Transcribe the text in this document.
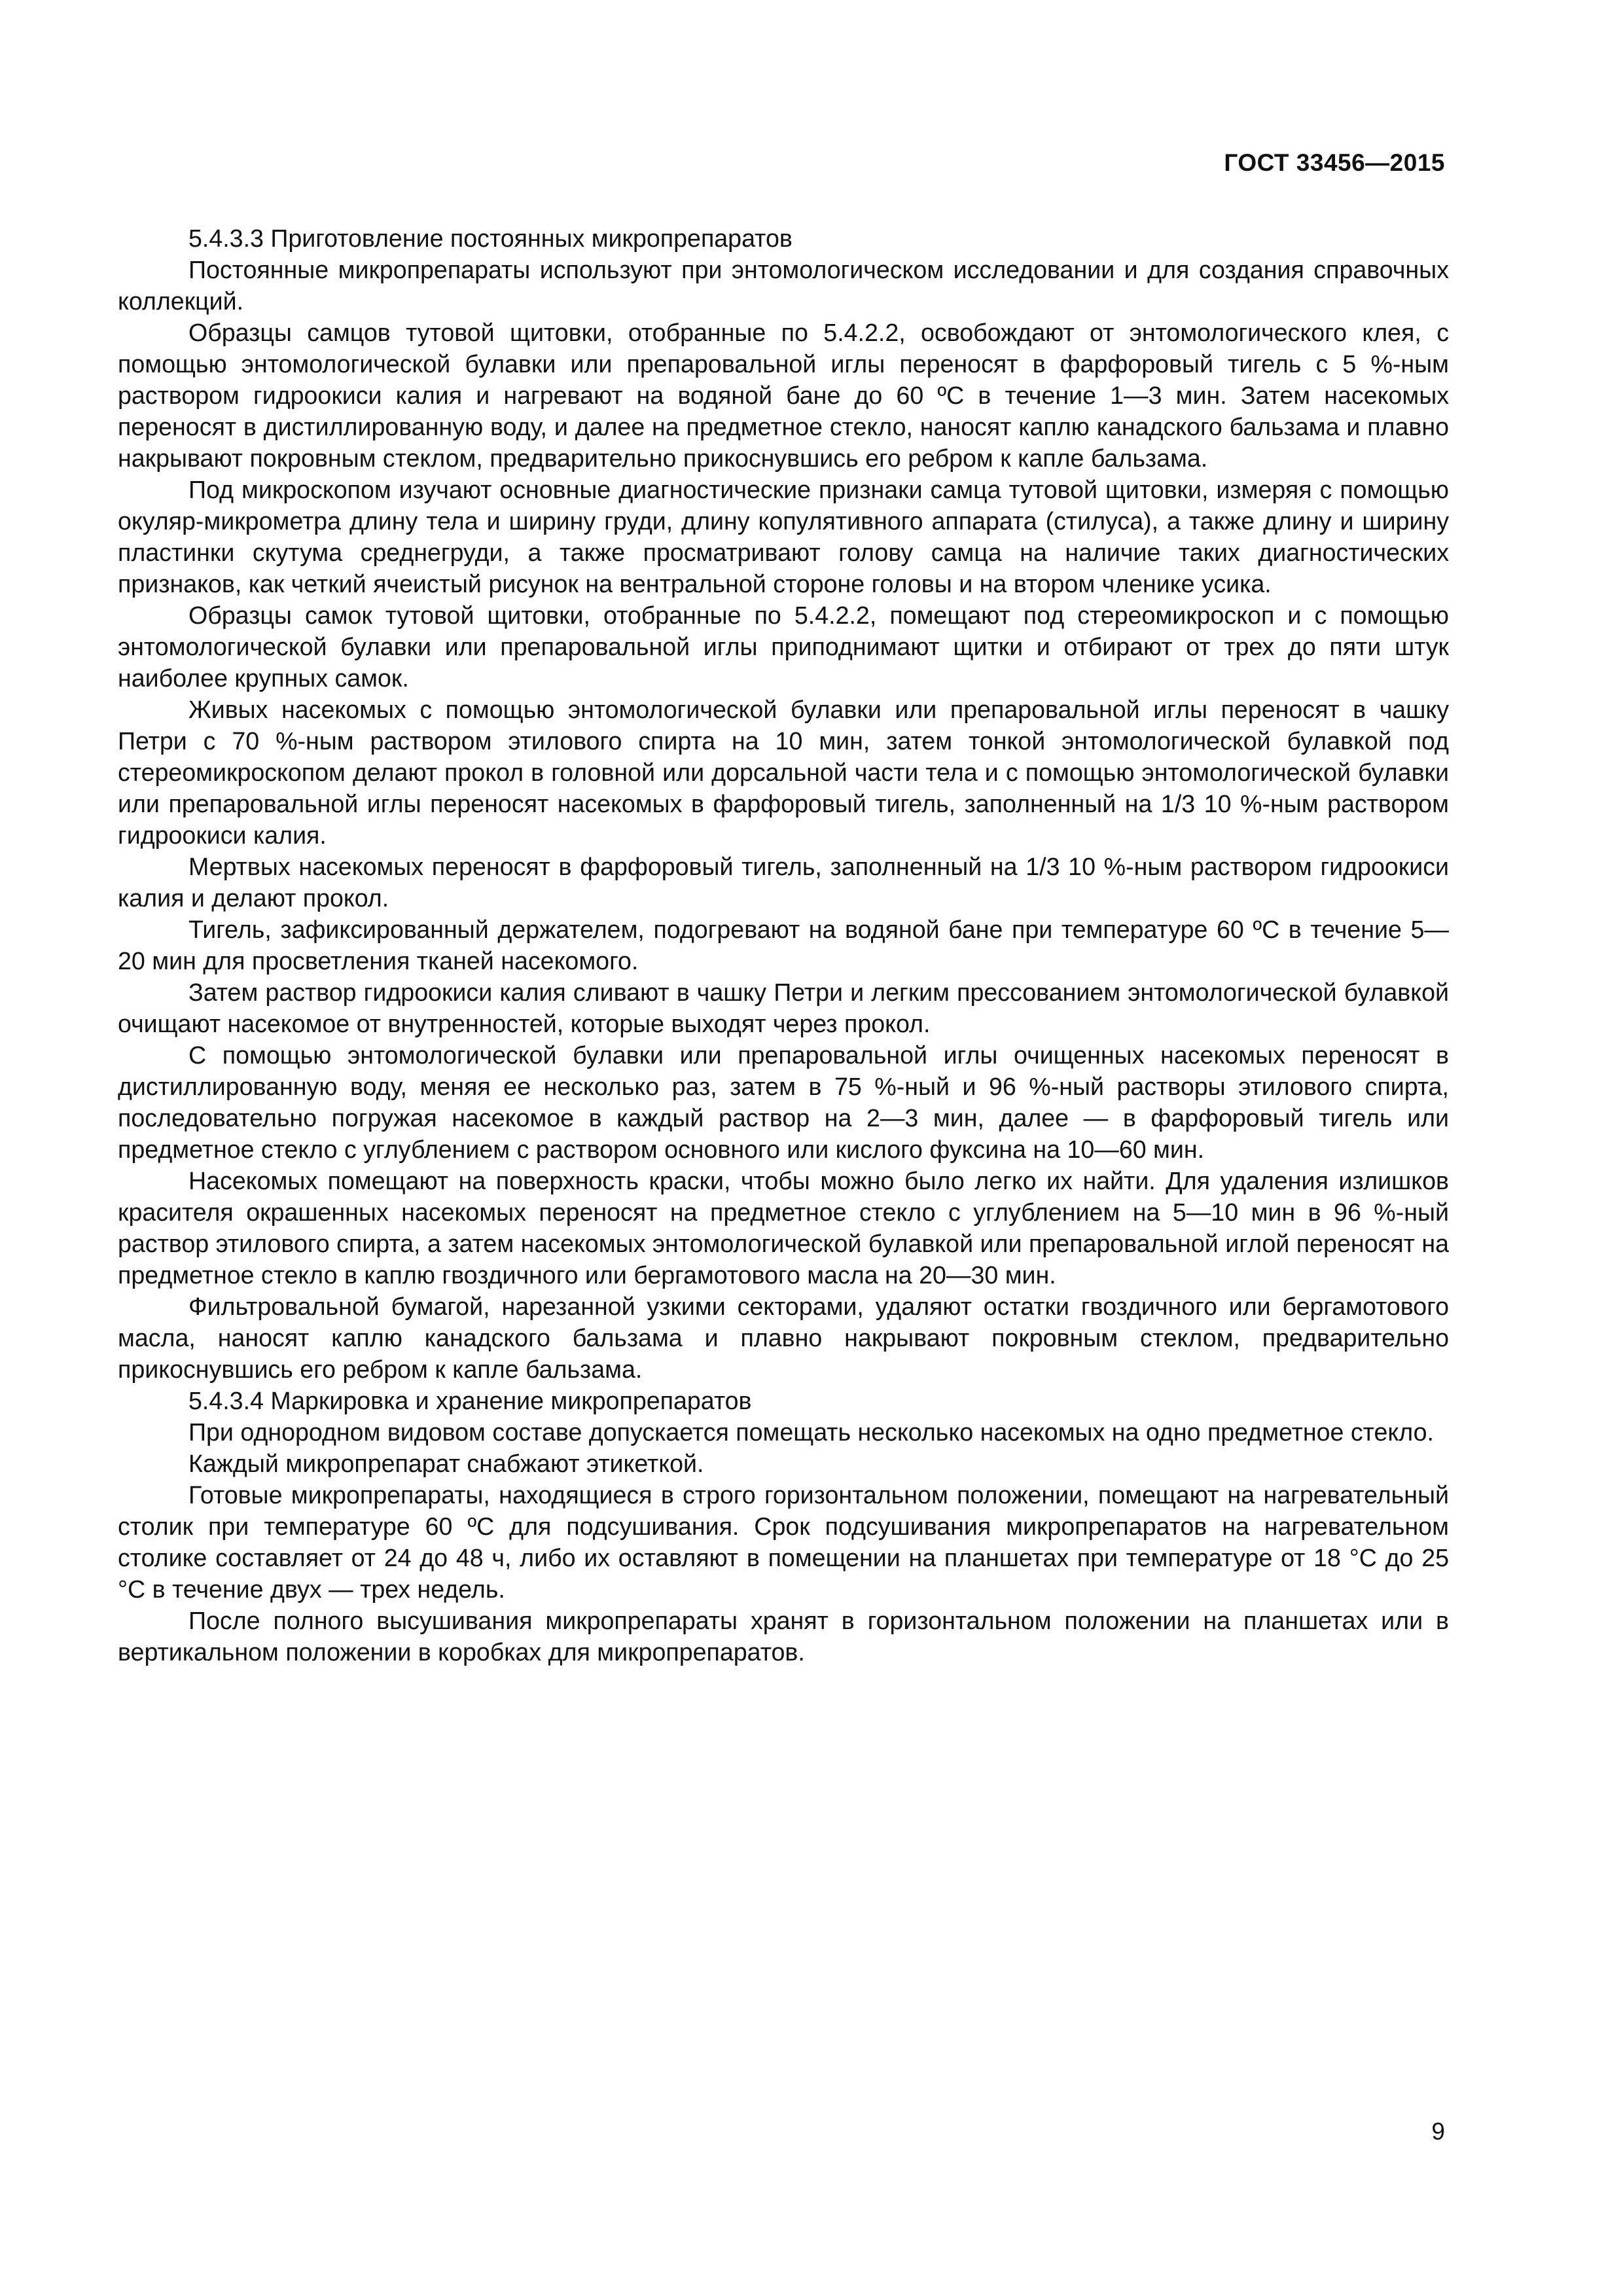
ГОСТ 33456—2015

5.4.3.3 Приготовление постоянных микропрепаратов

Постоянные микропрепараты используют при энтомологическом исследовании и для создания справочных коллекций.

Образцы самцов тутовой щитовки, отобранные по 5.4.2.2, освобождают от энтомологического клея, с помощью энтомологической булавки или препаровальной иглы переносят в фарфоровый тигель с 5 %-ным раствором гидроокиси калия и нагревают на водяной бане до 60 ºС в течение 1—3 мин. Затем насекомых переносят в дистиллированную воду, и далее на предметное стекло, наносят каплю канадского бальзама и плавно накрывают покровным стеклом, предварительно прикоснувшись его ребром к капле бальзама.

Под микроскопом изучают основные диагностические признаки самца тутовой щитовки, измеряя с помощью окуляр-микрометра длину тела и ширину груди, длину копулятивного аппарата (стилуса), а также длину и ширину пластинки скутума среднегруди, а также просматривают голову самца на наличие таких диагностических признаков, как четкий ячеистый рисунок на вентральной стороне головы и на втором членике усика.

Образцы самок тутовой щитовки, отобранные по 5.4.2.2, помещают под стереомикроскоп и с помощью энтомологической булавки или препаровальной иглы приподнимают щитки и отбирают от трех до пяти штук наиболее крупных самок.

Живых насекомых с помощью энтомологической булавки или препаровальной иглы переносят в чашку Петри с 70 %-ным раствором этилового спирта на 10 мин, затем тонкой энтомологической булавкой под стереомикроскопом делают прокол в головной или дорсальной части тела и с помощью энтомологической булавки или препаровальной иглы переносят насекомых в фарфоровый тигель, заполненный на 1/3 10 %-ным раствором гидроокиси калия.

Мертвых насекомых переносят в фарфоровый тигель, заполненный на 1/3 10 %-ным раствором гидроокиси калия и делают прокол.

Тигель, зафиксированный держателем, подогревают на водяной бане при температуре 60 ºС в течение 5—20 мин для просветления тканей насекомого.

Затем раствор гидроокиси калия сливают в чашку Петри и легким прессованием энтомологической булавкой очищают насекомое от внутренностей, которые выходят через прокол.

С помощью энтомологической булавки или препаровальной иглы очищенных насекомых переносят в дистиллированную воду, меняя ее несколько раз, затем в 75 %-ный и 96 %-ный растворы этилового спирта, последовательно погружая насекомое в каждый раствор на 2—3 мин, далее — в фарфоровый тигель или предметное стекло с углублением с раствором основного или кислого фуксина на 10—60 мин.

Насекомых помещают на поверхность краски, чтобы можно было легко их найти. Для удаления излишков красителя окрашенных насекомых переносят на предметное стекло с углублением на 5—10 мин в 96 %-ный раствор этилового спирта, а затем насекомых энтомологической булавкой или препаровальной иглой переносят на предметное стекло в каплю гвоздичного или бергамотового масла на 20—30 мин.

Фильтровальной бумагой, нарезанной узкими секторами, удаляют остатки гвоздичного или бергамотового масла, наносят каплю канадского бальзама и плавно накрывают покровным стеклом, предварительно прикоснувшись его ребром к капле бальзама.

5.4.3.4 Маркировка и хранение микропрепаратов

При однородном видовом составе допускается помещать несколько насекомых на одно предметное стекло.

Каждый микропрепарат снабжают этикеткой.

Готовые микропрепараты, находящиеся в строго горизонтальном положении, помещают на нагревательный столик при температуре 60 ºС для подсушивания. Срок подсушивания микропрепаратов на нагревательном столике составляет от 24 до 48 ч, либо их оставляют в помещении на планшетах при температуре от 18 °С до 25 °С в течение двух — трех недель.

После полного высушивания микропрепараты хранят в горизонтальном положении на планшетах или в вертикальном положении в коробках для микропрепаратов.

9
